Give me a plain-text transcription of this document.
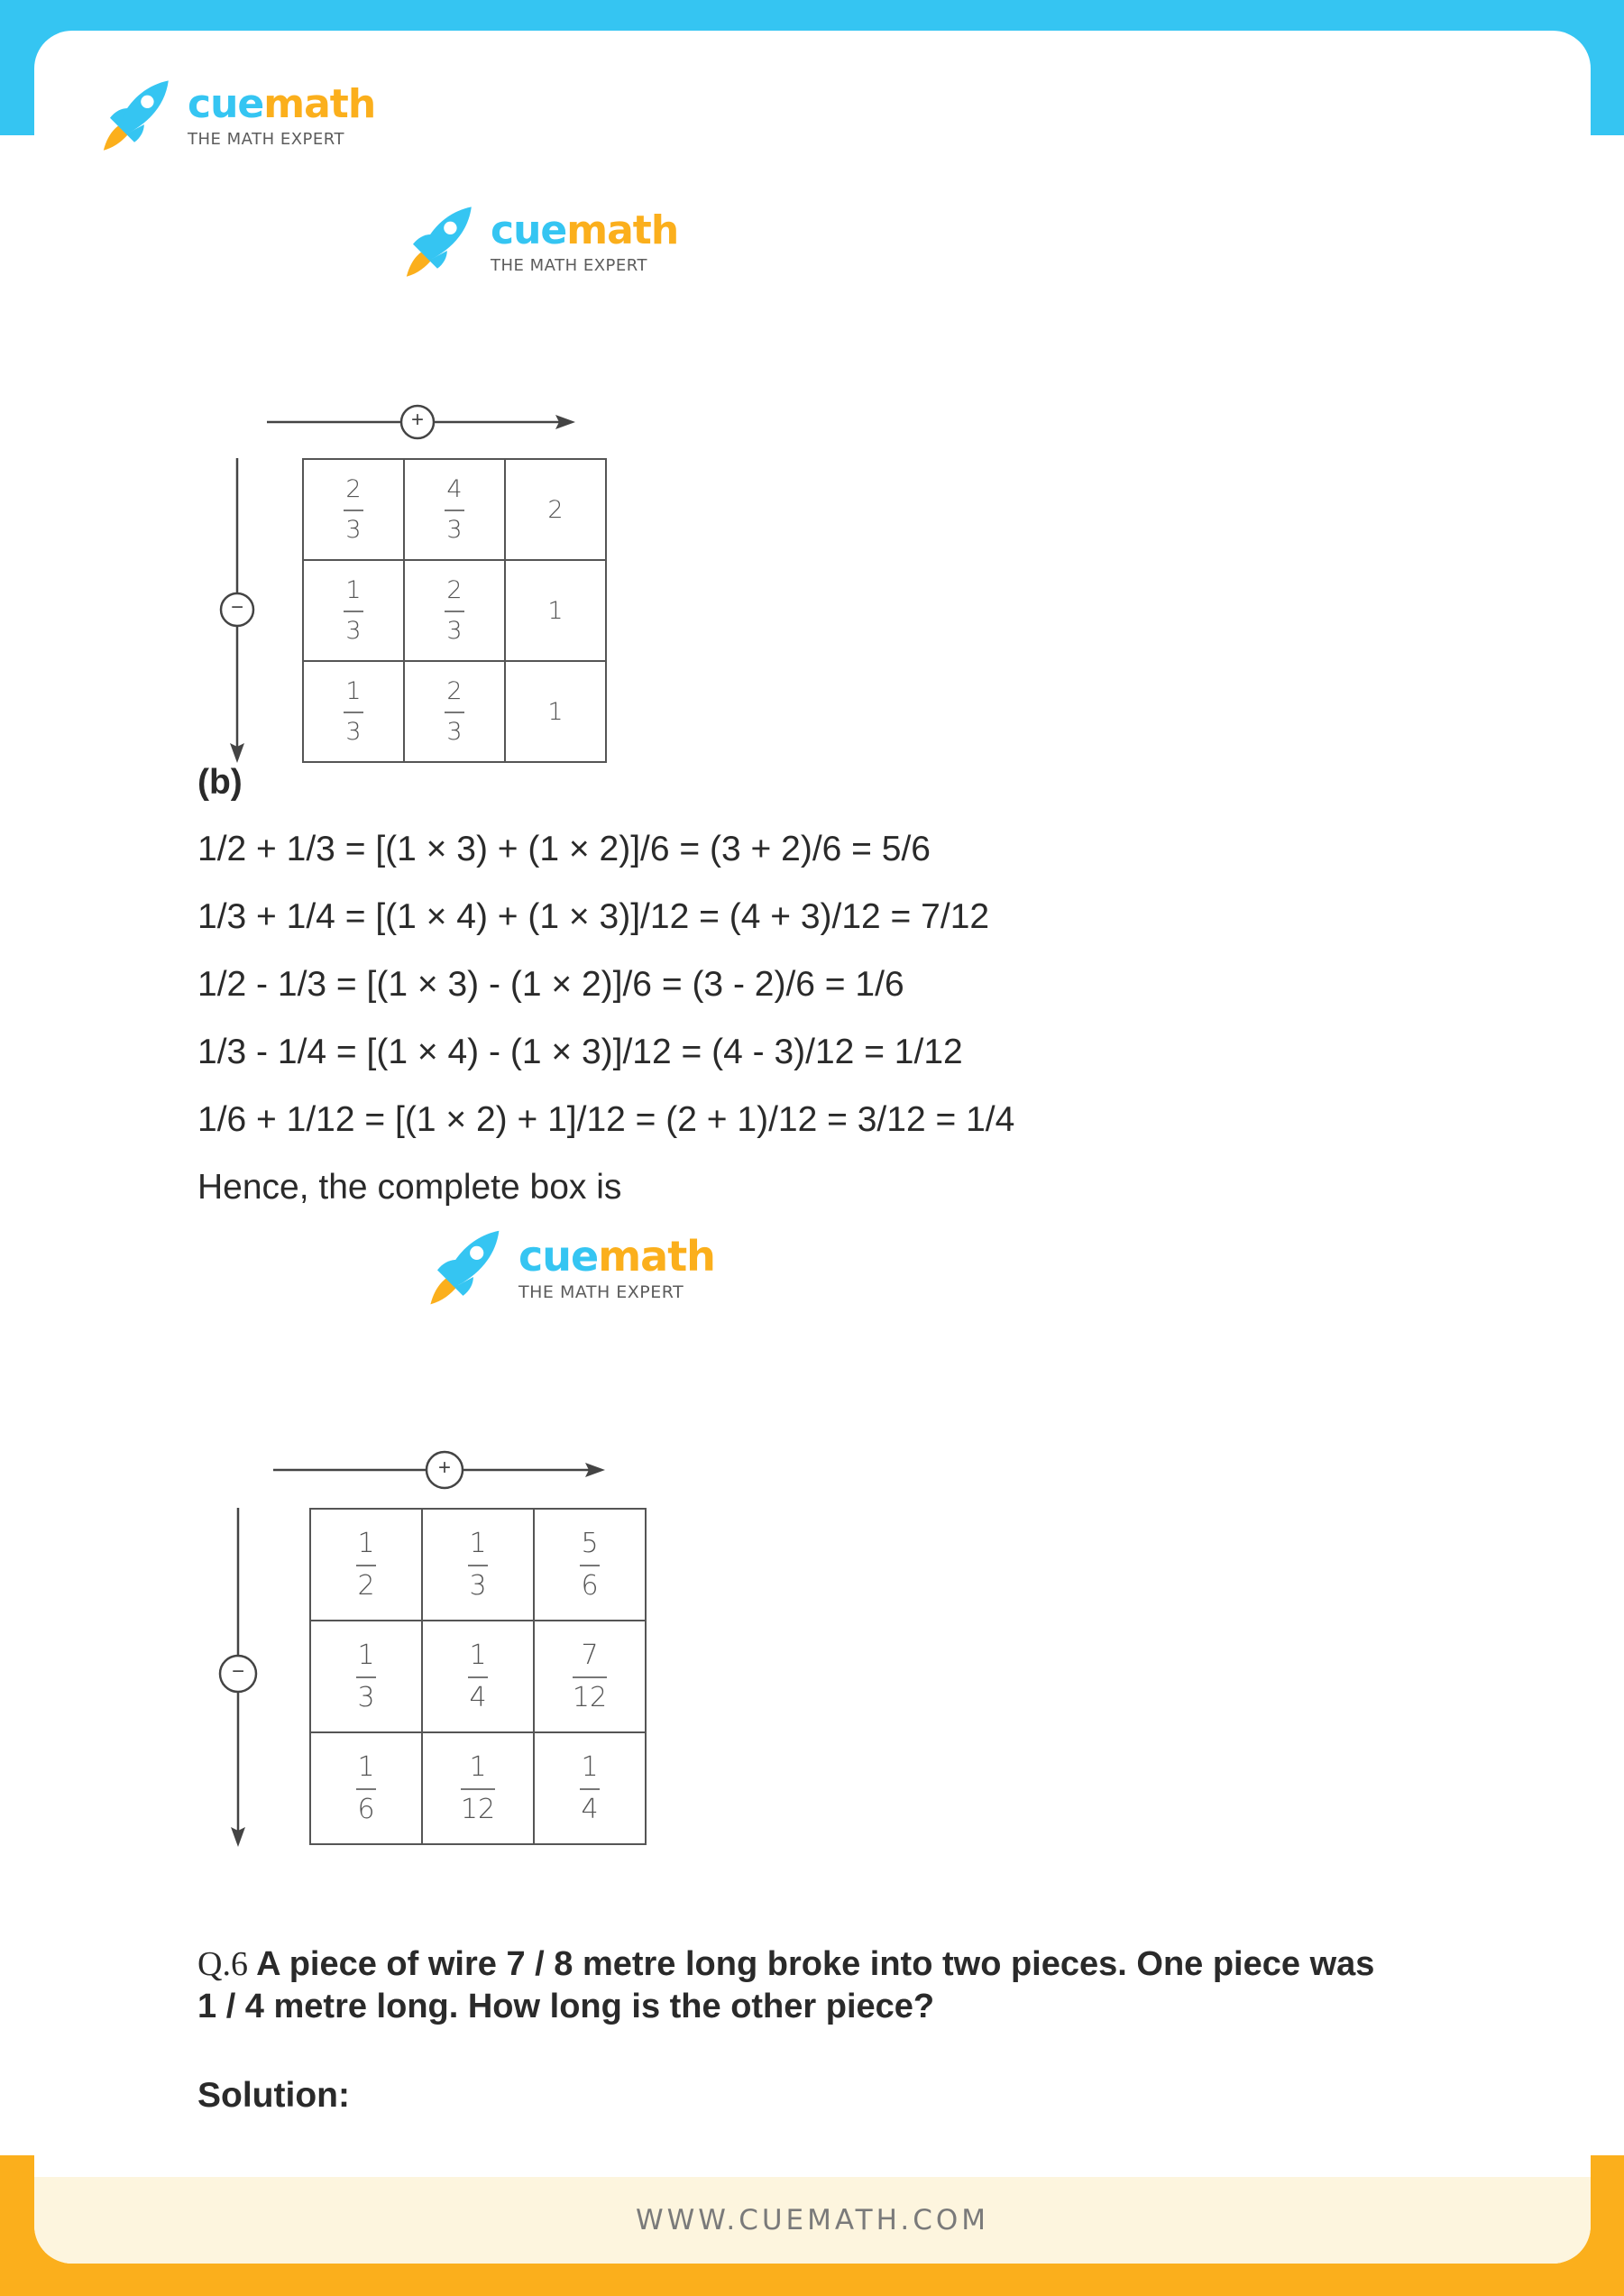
cuemath
THE MATH EXPERT
cuemath
THE MATH EXPERT
+
−
$\frac{2}{3}$	$\frac{4}{3}$	2

$\frac{1}{3}$	$\frac{2}{3}$	1

$\frac{1}{3}$	$\frac{2}{3}$	1
(b)
1/2 + 1/3 = [(1 × 3) + (1 × 2)]/6 = (3 + 2)/6 = 5/6
1/3 + 1/4 = [(1 × 4) + (1 × 3)]/12 = (4 + 3)/12 = 7/12
1/2 - 1/3 = [(1 × 3) - (1 × 2)]/6 = (3 - 2)/6 = 1/6
1/3 - 1/4 = [(1 × 4) - (1 × 3)]/12 = (4 - 3)/12 = 1/12
1/6 + 1/12 = [(1 × 2) + 1]/12 = (2 + 1)/12 = 3/12 = 1/4
Hence, the complete box is
cuemath
THE MATH EXPERT
+
−
$\frac{1}{2}$	$\frac{1}{3}$	$\frac{5}{6}$

$\frac{1}{3}$	$\frac{1}{4}$	$\frac{7}{12}$

$\frac{1}{6}$	$\frac{1}{12}$	$\frac{1}{4}$
Q.6 A piece of wire 7 / 8 metre long broke into two pieces. One piece was
1 / 4 metre long. How long is the other piece?
Solution:
WWW.CUEMATH.COM
